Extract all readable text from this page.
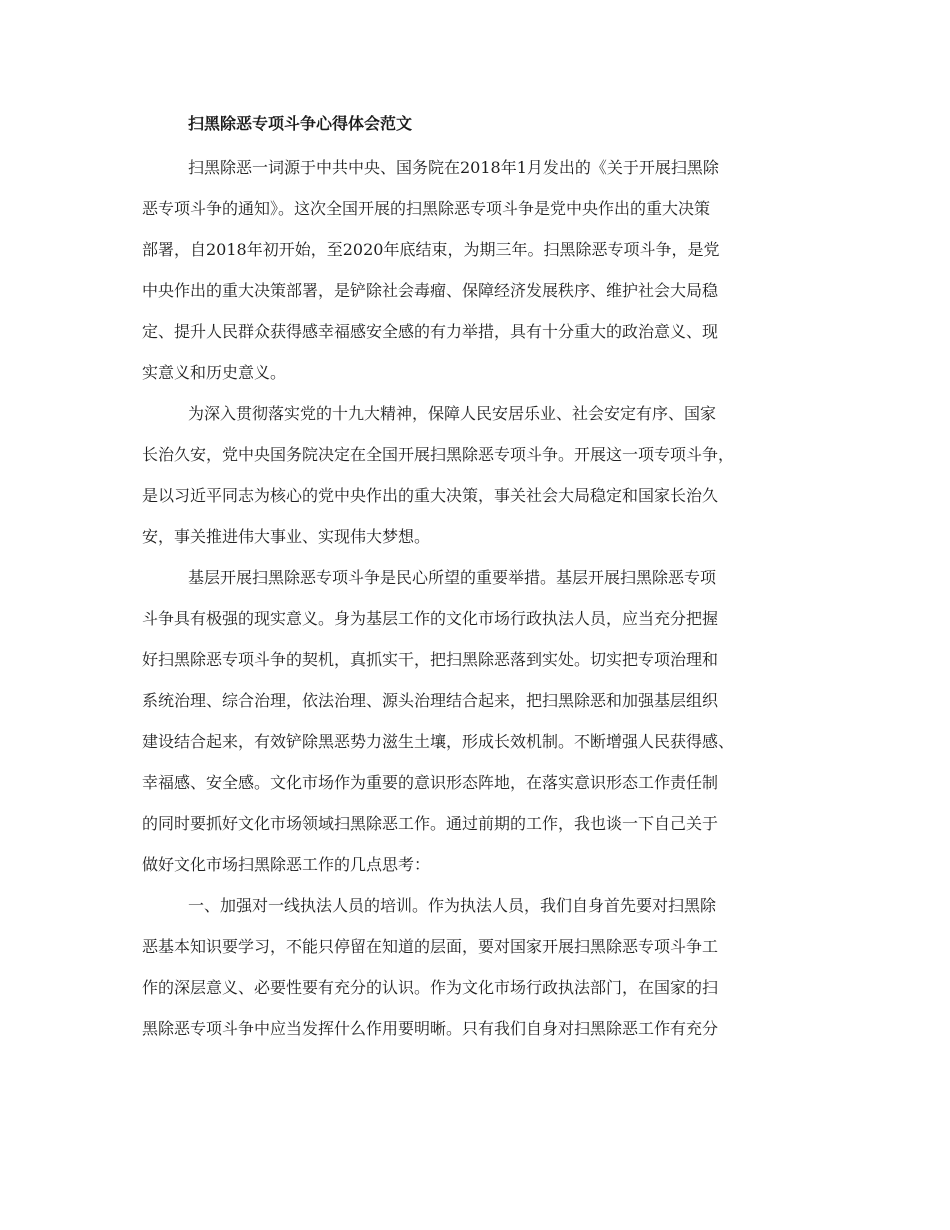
扫黑除恶专项斗争心得体会范文
扫黑除恶一词源于中共中央、国务院在2018年1月发出的《关于开展扫黑除
恶专项斗争的通知》。这次全国开展的扫黑除恶专项斗争是党中央作出的重大决策
部署，自2018年初开始，至2020年底结束，为期三年。扫黑除恶专项斗争，是党
中央作出的重大决策部署，是铲除社会毒瘤、保障经济发展秩序、维护社会大局稳
定、提升人民群众获得感幸福感安全感的有力举措，具有十分重大的政治意义、现
实意义和历史意义。
为深入贯彻落实党的十九大精神，保障人民安居乐业、社会安定有序、国家
长治久安，党中央国务院决定在全国开展扫黑除恶专项斗争。开展这一项专项斗争，
是以习近平同志为核心的党中央作出的重大决策，事关社会大局稳定和国家长治久
安，事关推进伟大事业、实现伟大梦想。
基层开展扫黑除恶专项斗争是民心所望的重要举措。基层开展扫黑除恶专项
斗争具有极强的现实意义。身为基层工作的文化市场行政执法人员，应当充分把握
好扫黑除恶专项斗争的契机，真抓实干，把扫黑除恶落到实处。切实把专项治理和
系统治理、综合治理，依法治理、源头治理结合起来，把扫黑除恶和加强基层组织
建设结合起来，有效铲除黑恶势力滋生土壤，形成长效机制。不断增强人民获得感、
幸福感、安全感。文化市场作为重要的意识形态阵地，在落实意识形态工作责任制
的同时要抓好文化市场领域扫黑除恶工作。通过前期的工作，我也谈一下自己关于
做好文化市场扫黑除恶工作的几点思考：
一、加强对一线执法人员的培训。作为执法人员，我们自身首先要对扫黑除
恶基本知识要学习，不能只停留在知道的层面，要对国家开展扫黑除恶专项斗争工
作的深层意义、必要性要有充分的认识。作为文化市场行政执法部门，在国家的扫
黑除恶专项斗争中应当发挥什么作用要明晰。只有我们自身对扫黑除恶工作有充分
